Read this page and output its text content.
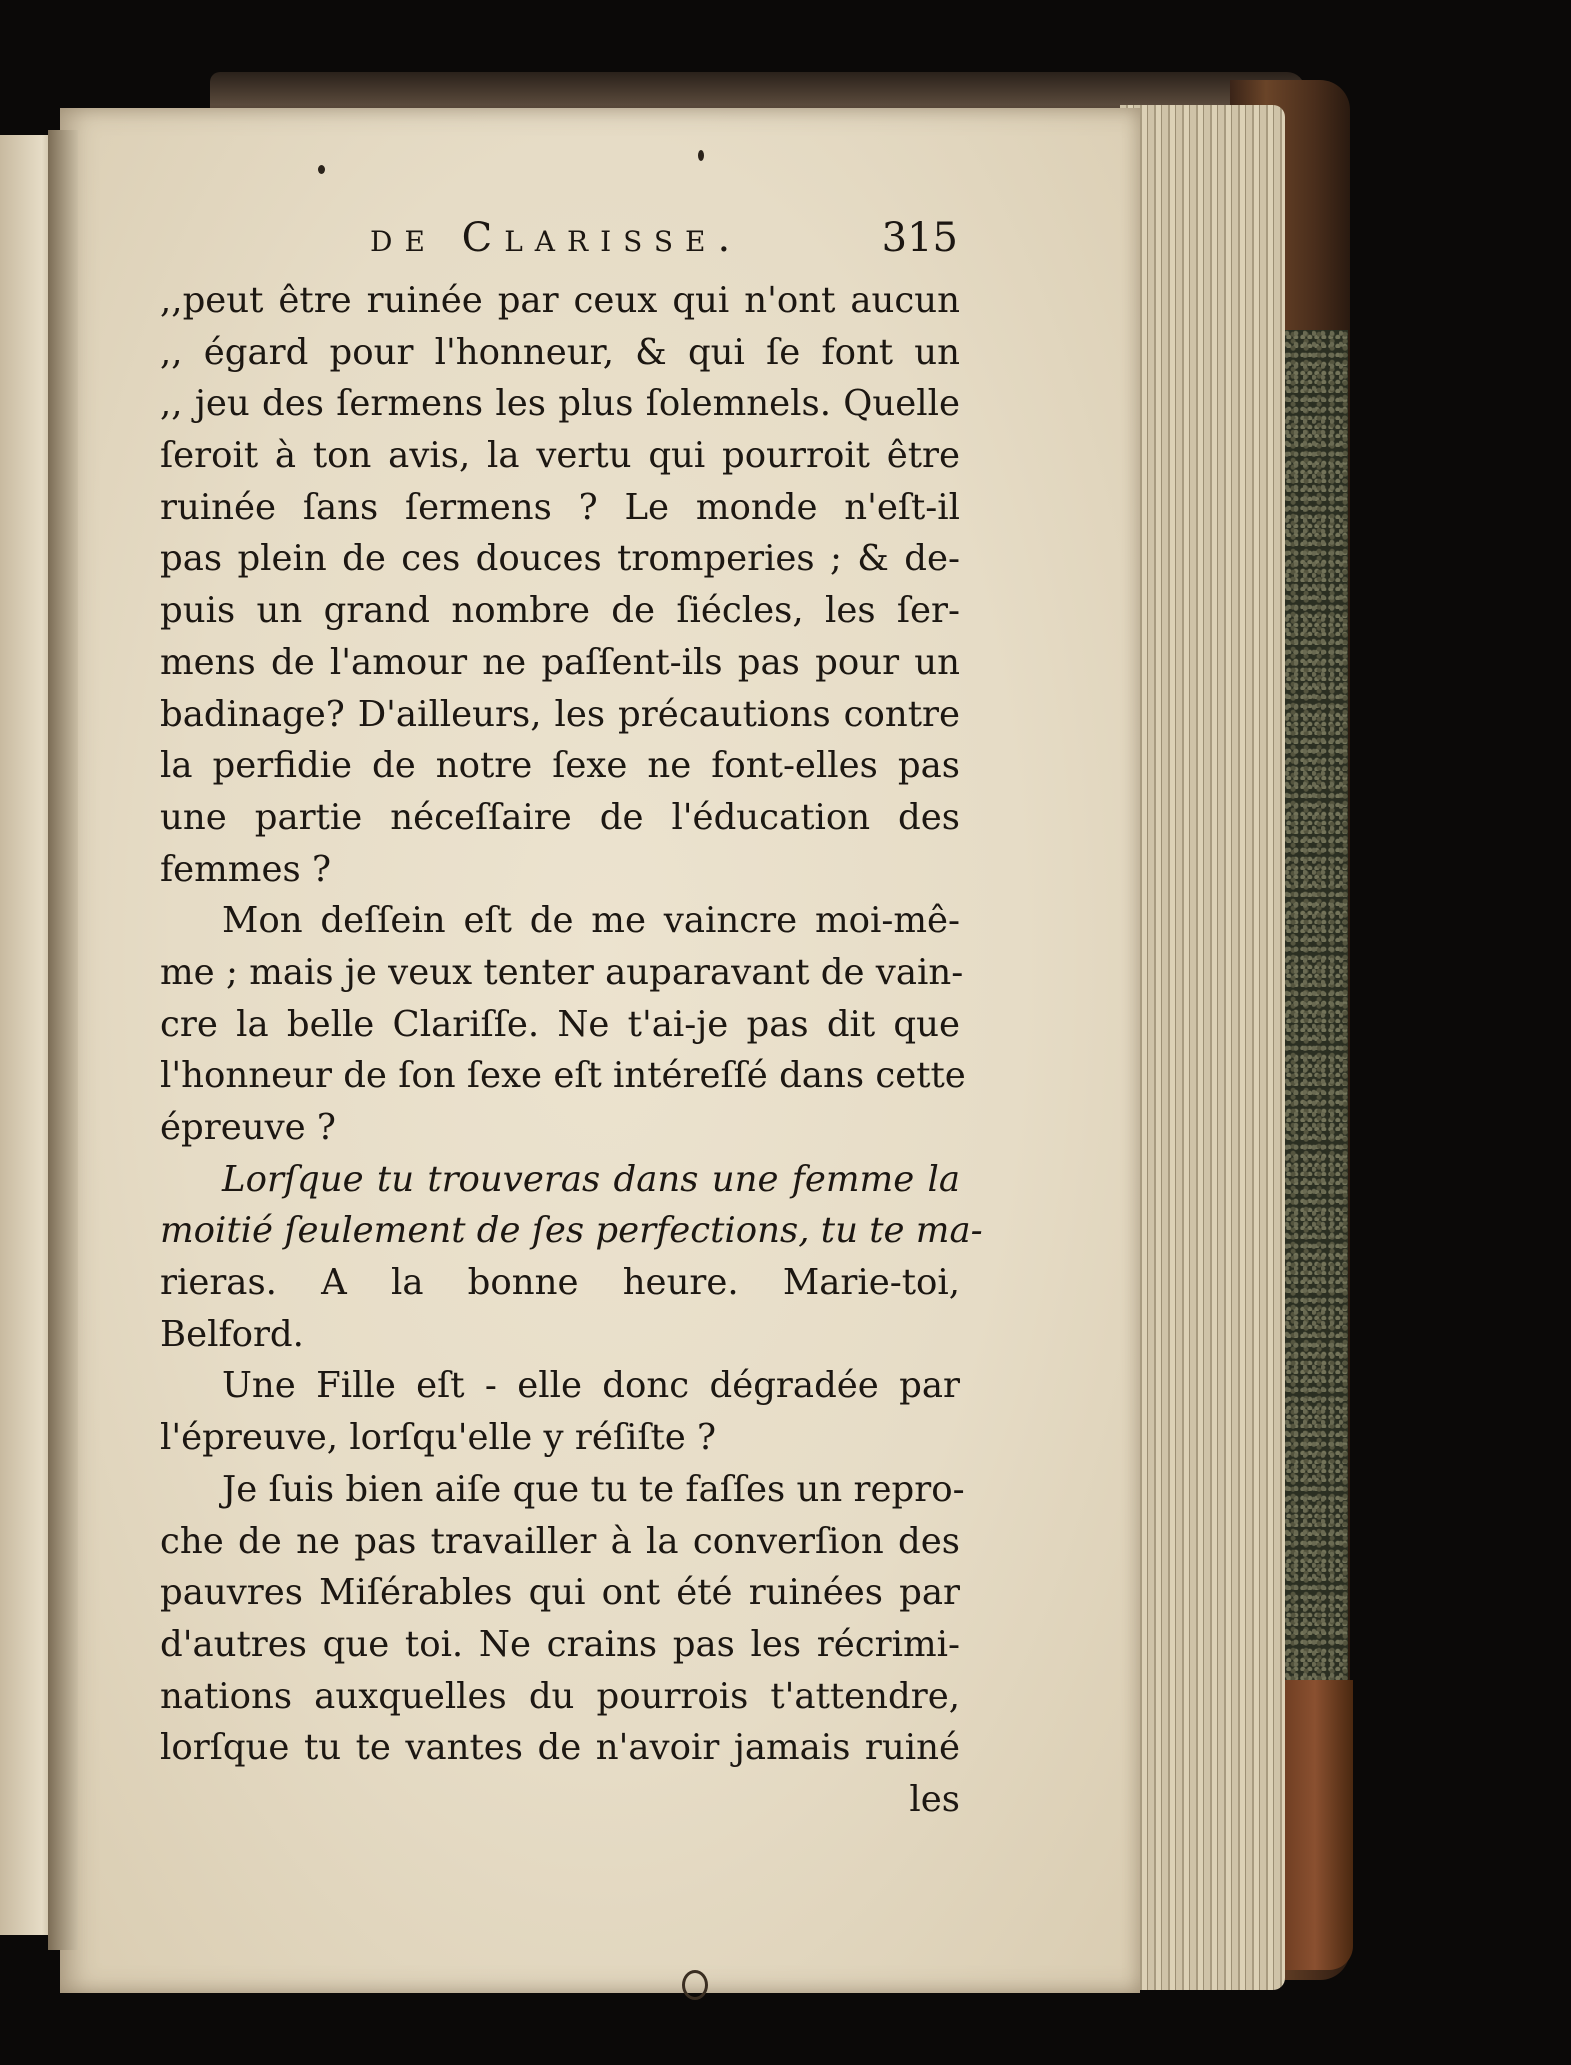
de Clarisse.	315
,,peut être ruinée par ceux qui n'ont aucun
,, égard pour l'honneur, & qui ſe font un
,, jeu des ſermens les plus ſolemnels. Quelle
ſeroit à ton avis, la vertu qui pourroit être
ruinée ſans ſermens ? Le monde n'eſt-il
pas plein de ces douces tromperies ; & de-
puis un grand nombre de ſiécles, les ſer-
mens de l'amour ne paſſent-ils pas pour un
badinage? D'ailleurs, les précautions contre
la perfidie de notre ſexe ne font-elles pas
une partie néceſſaire de l'éducation des
femmes ?
Mon deſſein eſt de me vaincre moi-mê-
me ; mais je veux tenter auparavant de vain-
cre la belle Clariſſe. Ne t'ai-je pas dit que
l'honneur de ſon ſexe eſt intéreſſé dans cette
épreuve ?
Lorſque tu trouveras dans une femme la
moitié ſeulement de ſes perfections, tu te ma-
rieras. A la bonne heure. Marie-toi,
Belford.
Une Fille eſt - elle donc dégradée par
l'épreuve, lorſqu'elle y réſiſte ?
Je ſuis bien aiſe que tu te faſſes un repro-
che de ne pas travailler à la converſion des
pauvres Miſérables qui ont été ruinées par
d'autres que toi. Ne crains pas les récrimi-
nations auxquelles du pourrois t'attendre,
lorſque tu te vantes de n'avoir jamais ruiné
les
